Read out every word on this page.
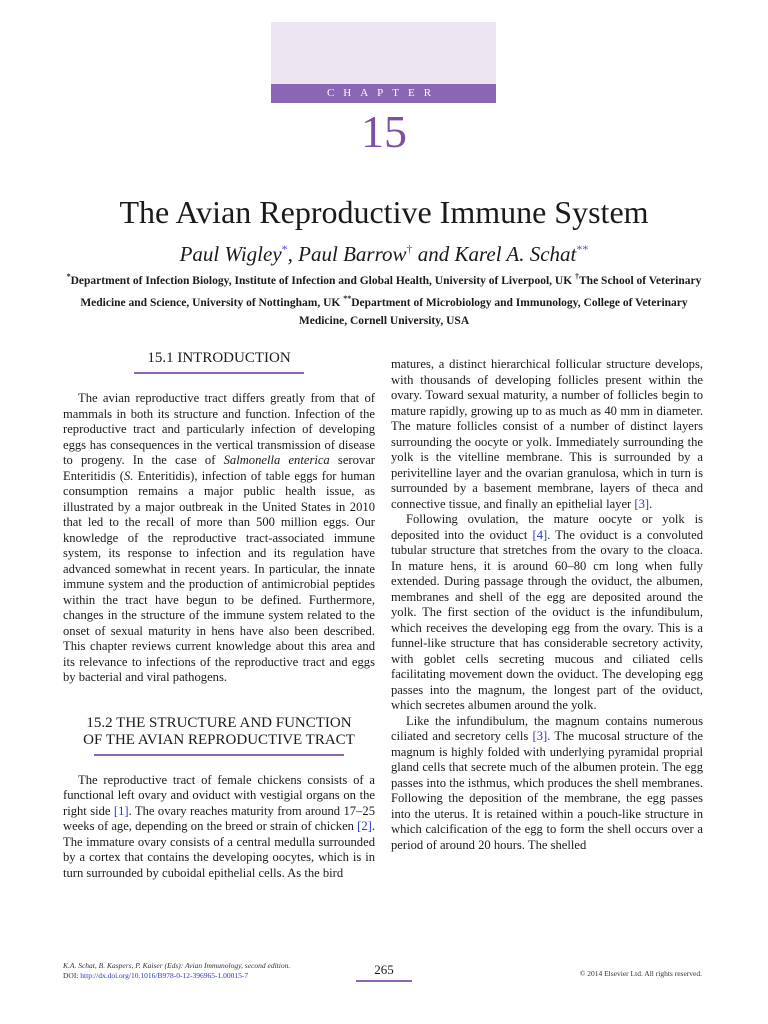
CHAPTER
15
The Avian Reproductive Immune System
Paul Wigley*, Paul Barrow† and Karel A. Schat**
*Department of Infection Biology, Institute of Infection and Global Health, University of Liverpool, UK †The School of Veterinary Medicine and Science, University of Nottingham, UK **Department of Microbiology and Immunology, College of Veterinary Medicine, Cornell University, USA
15.1 INTRODUCTION

The avian reproductive tract differs greatly from that of mammals in both its structure and function. Infection of the reproductive tract and particularly infection of developing eggs has consequences in the vertical transmission of disease to progeny. In the case of Salmonella enterica serovar Enteritidis (S. Enteritidis), infection of table eggs for human consumption remains a major public health issue, as illustrated by a major outbreak in the United States in 2010 that led to the recall of more than 500 million eggs. Our knowledge of the reproductive tract-associated immune system, its response to infection and its regulation have advanced somewhat in recent years. In particular, the innate immune system and the production of antimicrobial peptides within the tract have begun to be defined. Furthermore, changes in the structure of the immune system related to the onset of sexual maturity in hens have also been described. This chapter reviews current knowledge about this area and its relevance to infections of the reproductive tract and eggs by bacterial and viral pathogens.

15.2 THE STRUCTURE AND FUNCTION
OF THE AVIAN REPRODUCTIVE TRACT

The reproductive tract of female chickens consists of a functional left ovary and oviduct with vestigial organs on the right side [1]. The ovary reaches maturity from around 17–25 weeks of age, depending on the breed or strain of chicken [2]. The immature ovary consists of a central medulla surrounded by a cortex that contains the developing oocytes, which is in turn surrounded by cuboidal epithelial cells. As the bird

matures, a distinct hierarchical follicular structure develops, with thousands of developing follicles present within the ovary. Toward sexual maturity, a number of follicles begin to mature rapidly, growing up to as much as 40 mm in diameter. The mature follicles consist of a number of distinct layers surrounding the oocyte or yolk. Immediately surrounding the yolk is the vitelline membrane. This is surrounded by a perivitelline layer and the ovarian granulosa, which in turn is surrounded by a basement membrane, layers of theca and connective tissue, and finally an epithelial layer [3].

Following ovulation, the mature oocyte or yolk is deposited into the oviduct [4]. The oviduct is a convoluted tubular structure that stretches from the ovary to the cloaca. In mature hens, it is around 60–80 cm long when fully extended. During passage through the oviduct, the albumen, membranes and shell of the egg are deposited around the yolk. The first section of the oviduct is the infundibulum, which receives the developing egg from the ovary. This is a funnel-like structure that has considerable secretory activity, with goblet cells secreting mucous and ciliated cells facilitating movement down the oviduct. The developing egg passes into the magnum, the longest part of the oviduct, which secretes albumen around the yolk.

Like the infundibulum, the magnum contains numerous ciliated and secretory cells [3]. The mucosal structure of the magnum is highly folded with underlying pyramidal proprial gland cells that secrete much of the albumen protein. The egg passes into the isthmus, which produces the shell membranes. Following the deposition of the membrane, the egg passes into the uterus. It is retained within a pouch-like structure in which calcification of the egg to form the shell occurs over a period of around 20 hours. The shelled

K.A. Schat, B. Kaspers, P. Kaiser (Eds): Avian Immunology, second edition.
DOI: http://dx.doi.org/10.1016/B978-0-12-396965-1.00015-7	265	© 2014 Elsevier Ltd. All rights reserved.
